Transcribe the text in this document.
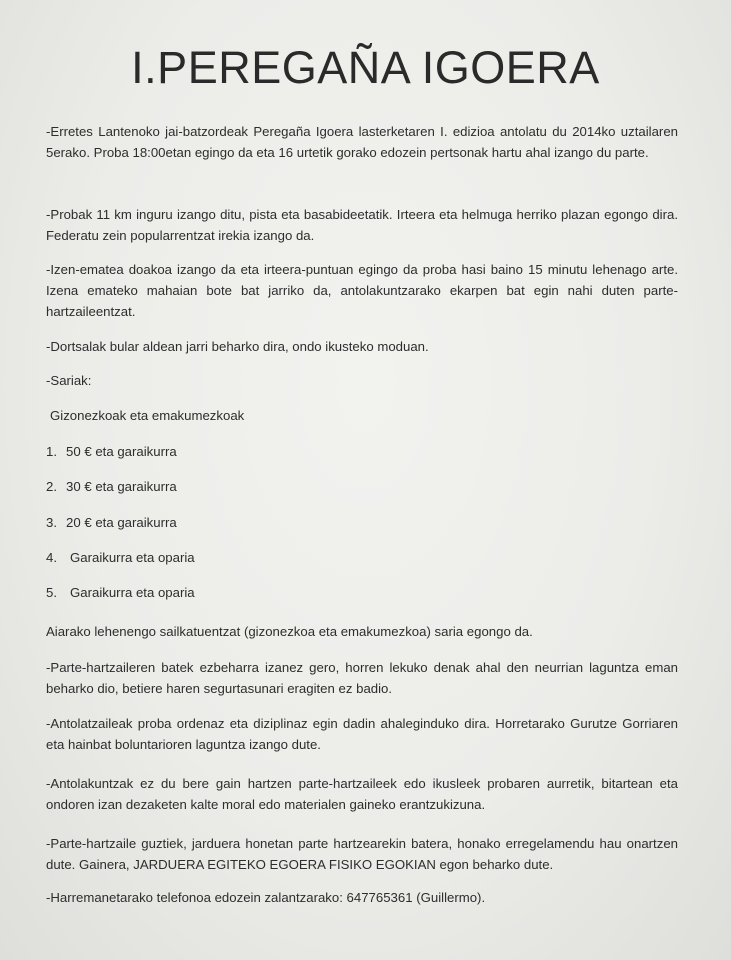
I.PEREGAÑA IGOERA

-Erretes Lantenoko jai-batzordeak Peregaña Igoera lasterketaren I. edizioa antolatu du 2014ko uztailaren 5erako. Proba 18:00etan egingo da eta 16 urtetik gorako edozein pertsonak hartu ahal izango du parte.

-Probak 11 km inguru izango ditu, pista eta basabideetatik. Irteera eta helmuga herriko plazan egongo dira. Federatu zein popularrentzat irekia izango da.

-Izen-ematea doakoa izango da eta irteera-puntuan egingo da proba hasi baino 15 minutu lehenago arte. Izena emateko mahaian bote bat jarriko da, antolakuntzarako ekarpen bat egin nahi duten parte-hartzaileentzat.

-Dortsalak bular aldean jarri beharko dira, ondo ikusteko moduan.

-Sariak:

Gizonezkoak eta emakumezkoak

1. 50 € eta garaikurra

2. 30 € eta garaikurra

3. 20 € eta garaikurra

4. Garaikurra eta oparia

5. Garaikurra eta oparia

Aiarako lehenengo sailkatuentzat (gizonezkoa eta emakumezkoa) saria egongo da.

-Parte-hartzaileren batek ezbeharra izanez gero, horren lekuko denak ahal den neurrian laguntza eman beharko dio, betiere haren segurtasunari eragiten ez badio.

-Antolatzaileak proba ordenaz eta diziplinaz egin dadin ahaleginduko dira. Horretarako Gurutze Gorriaren eta hainbat boluntarioren laguntza izango dute.

-Antolakuntzak ez du bere gain hartzen parte-hartzaileek edo ikusleek probaren aurretik, bitartean eta ondoren izan dezaketen kalte moral edo materialen gaineko erantzukizuna.

-Parte-hartzaile guztiek, jarduera honetan parte hartzearekin batera, honako erregelamendu hau onartzen dute. Gainera, JARDUERA EGITEKO EGOERA FISIKO EGOKIAN egon beharko dute.

-Harremanetarako telefonoa edozein zalantzarako: 647765361 (Guillermo).
